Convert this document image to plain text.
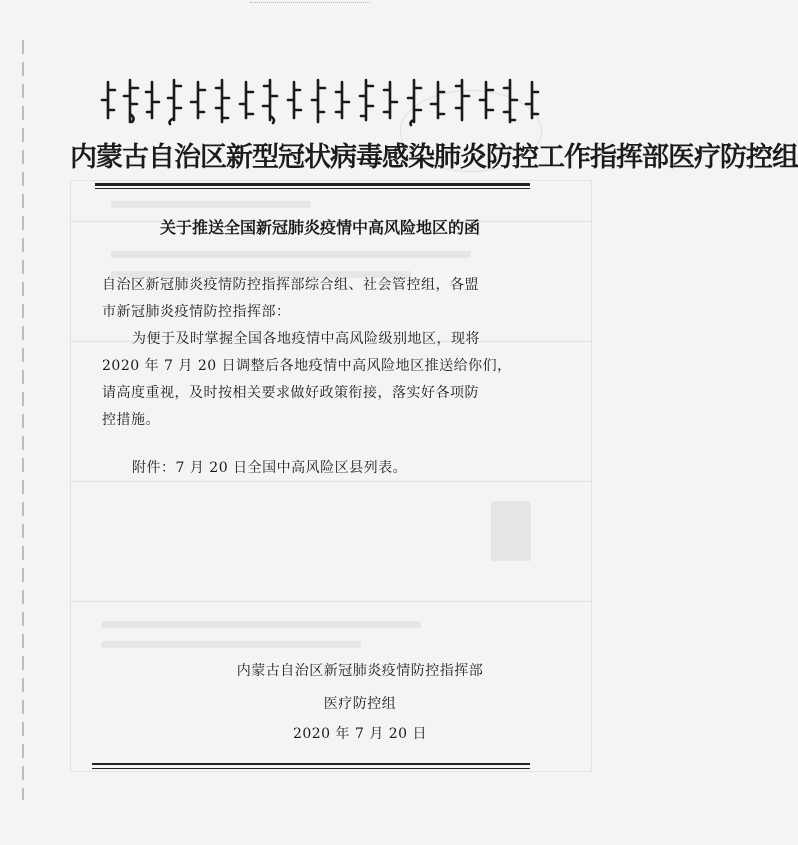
内蒙古自治区新型冠状病毒感染肺炎防控工作指挥部医疗防控组
关于推送全国新冠肺炎疫情中高风险地区的函

自治区新冠肺炎疫情防控指挥部综合组、社会管控组，各盟

市新冠肺炎疫情防控指挥部：

为便于及时掌握全国各地疫情中高风险级别地区，现将

2020 年 7 月 20 日调整后各地疫情中高风险地区推送给你们，

请高度重视，及时按相关要求做好政策衔接，落实好各项防

控措施。

附件：7 月 20 日全国中高风险区县列表。
内蒙古自治区新冠肺炎疫情防控指挥部
医疗防控组
2020 年 7 月 20 日
